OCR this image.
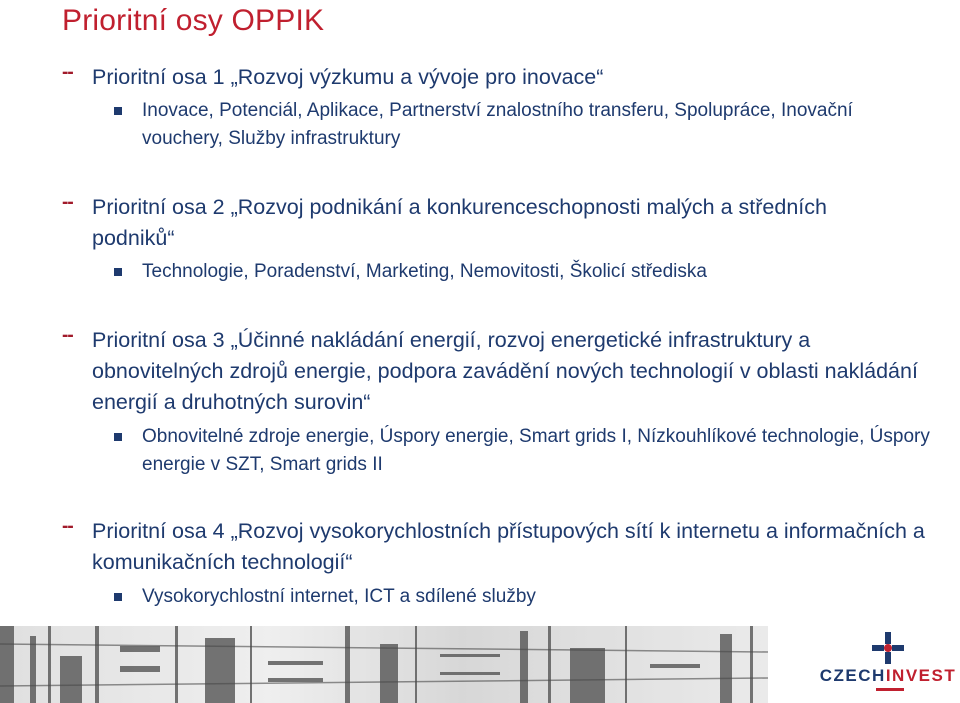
Prioritní osy OPPIK
-- Prioritní osa 1 „Rozvoj výzkumu a vývoje pro inovace“
Inovace, Potenciál, Aplikace, Partnerství znalostního transferu, Spolupráce, Inovační vouchery, Služby infrastruktury
-- Prioritní osa 2 „Rozvoj podnikání a konkurenceschopnosti malých a středních podniků“
Technologie, Poradenství, Marketing, Nemovitosti, Školicí střediska
-- Prioritní osa 3 „Účinné nakládání energií, rozvoj energetické infrastruktury a obnovitelných zdrojů energie, podpora zavádění nových technologií v oblasti nakládání energií a druhotných surovin“
Obnovitelné zdroje energie, Úspory energie, Smart grids I, Nízkouhlíkové technologie, Úspory energie v SZT, Smart grids II
-- Prioritní osa 4 „Rozvoj vysokorychlostních přístupových sítí k internetu a informačních a komunikačních technologií“
Vysokorychlostní internet, ICT a sdílené služby
CZECHINVEST
